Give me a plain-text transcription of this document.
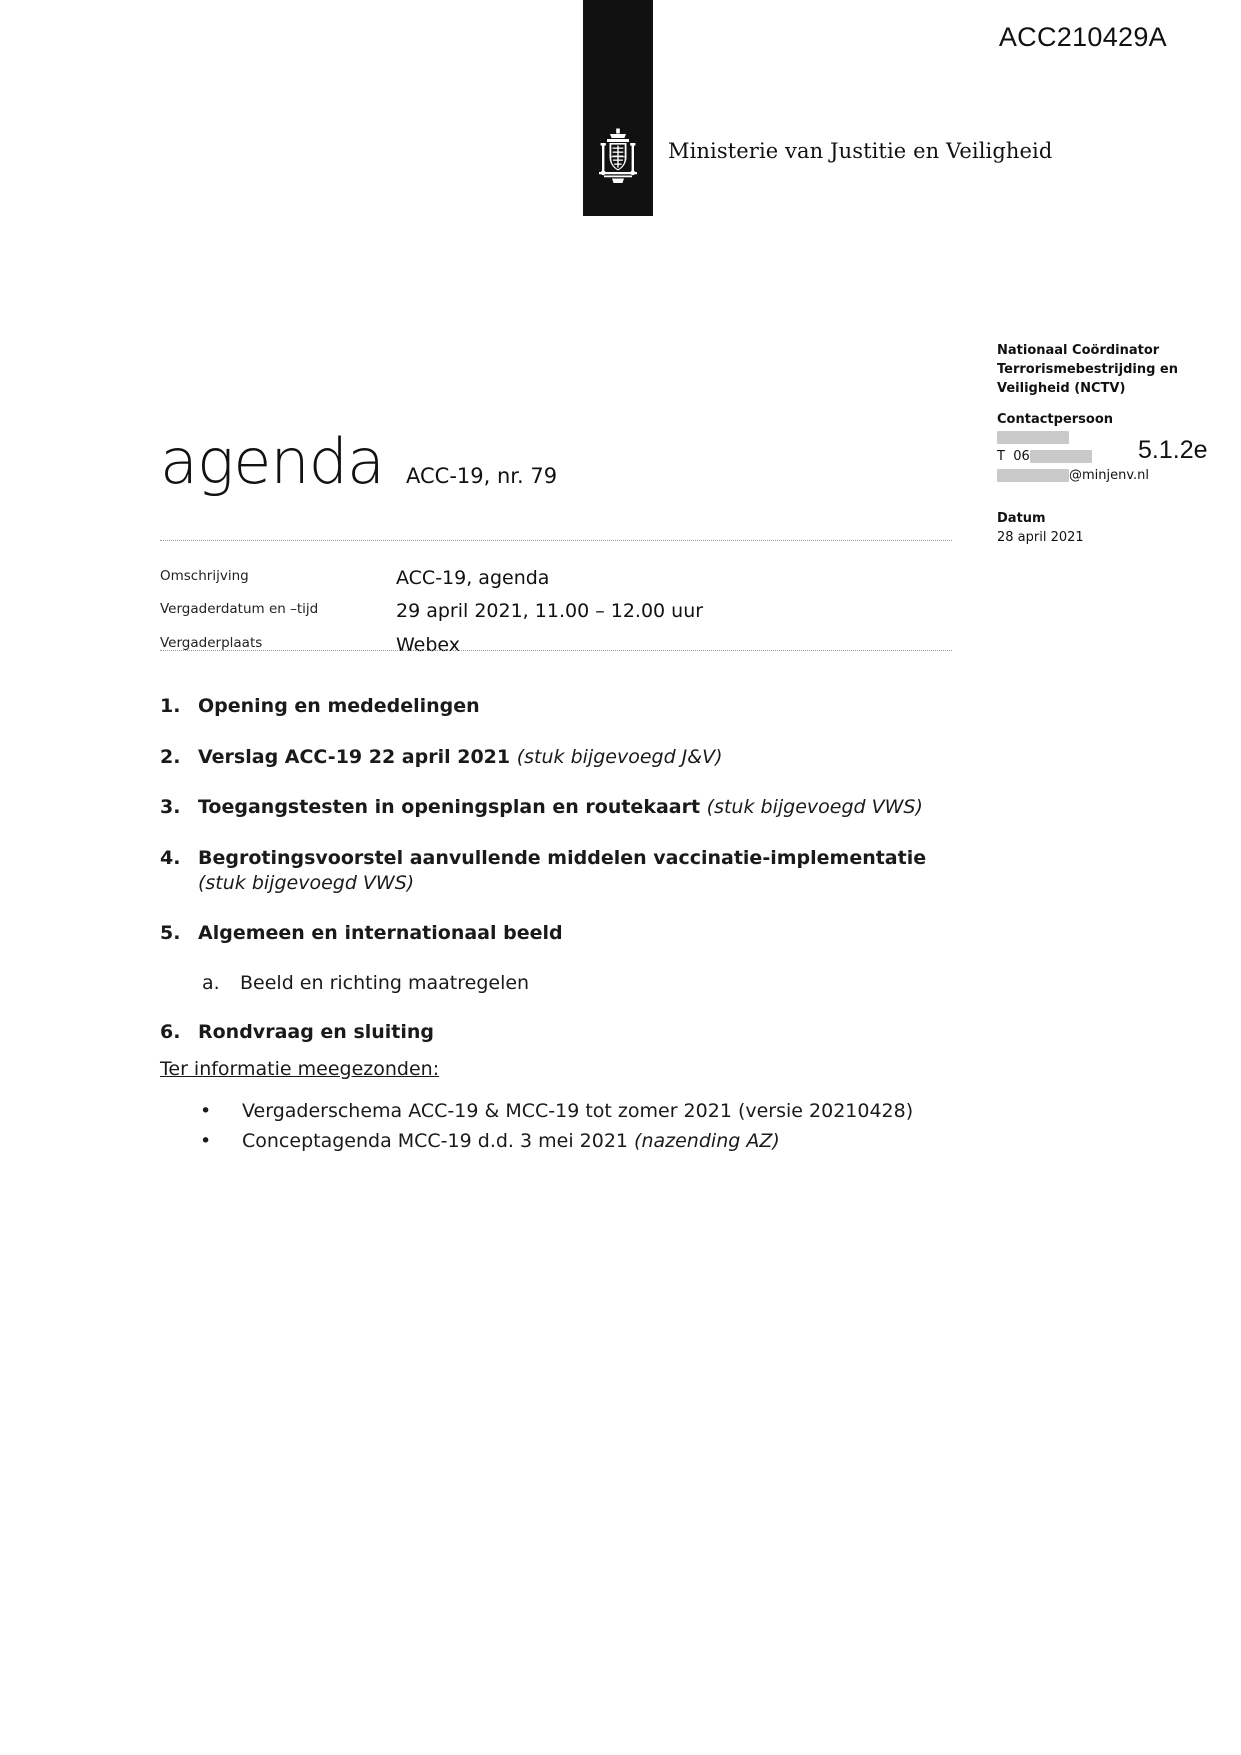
ACC210429A
Ministerie van Justitie en Veiligheid
Nationaal Coördinator Terrorismebestrijding en Veiligheid (NCTV)
Contactpersoon
T 06
@minjenv.nl
Datum
28 april 2021
5.1.2e
agenda ACC-19, nr. 79
Omschrijving	ACC-19, agenda
Vergaderdatum en –tijd	29 april 2021, 11.00 – 12.00 uur
Vergaderplaats	Webex
1. Opening en mededelingen
2. Verslag ACC-19 22 april 2021 (stuk bijgevoegd J&V)
3. Toegangstesten in openingsplan en routekaart (stuk bijgevoegd VWS)
4. Begrotingsvoorstel aanvullende middelen vaccinatie-implementatie
(stuk bijgevoegd VWS)
5. Algemeen en internationaal beeld
a.	Beeld en richting maatregelen
6. Rondvraag en sluiting
Ter informatie meegezonden:
•	Vergaderschema ACC-19 & MCC-19 tot zomer 2021 (versie 20210428)
•	Conceptagenda MCC-19 d.d. 3 mei 2021 (nazending AZ)
